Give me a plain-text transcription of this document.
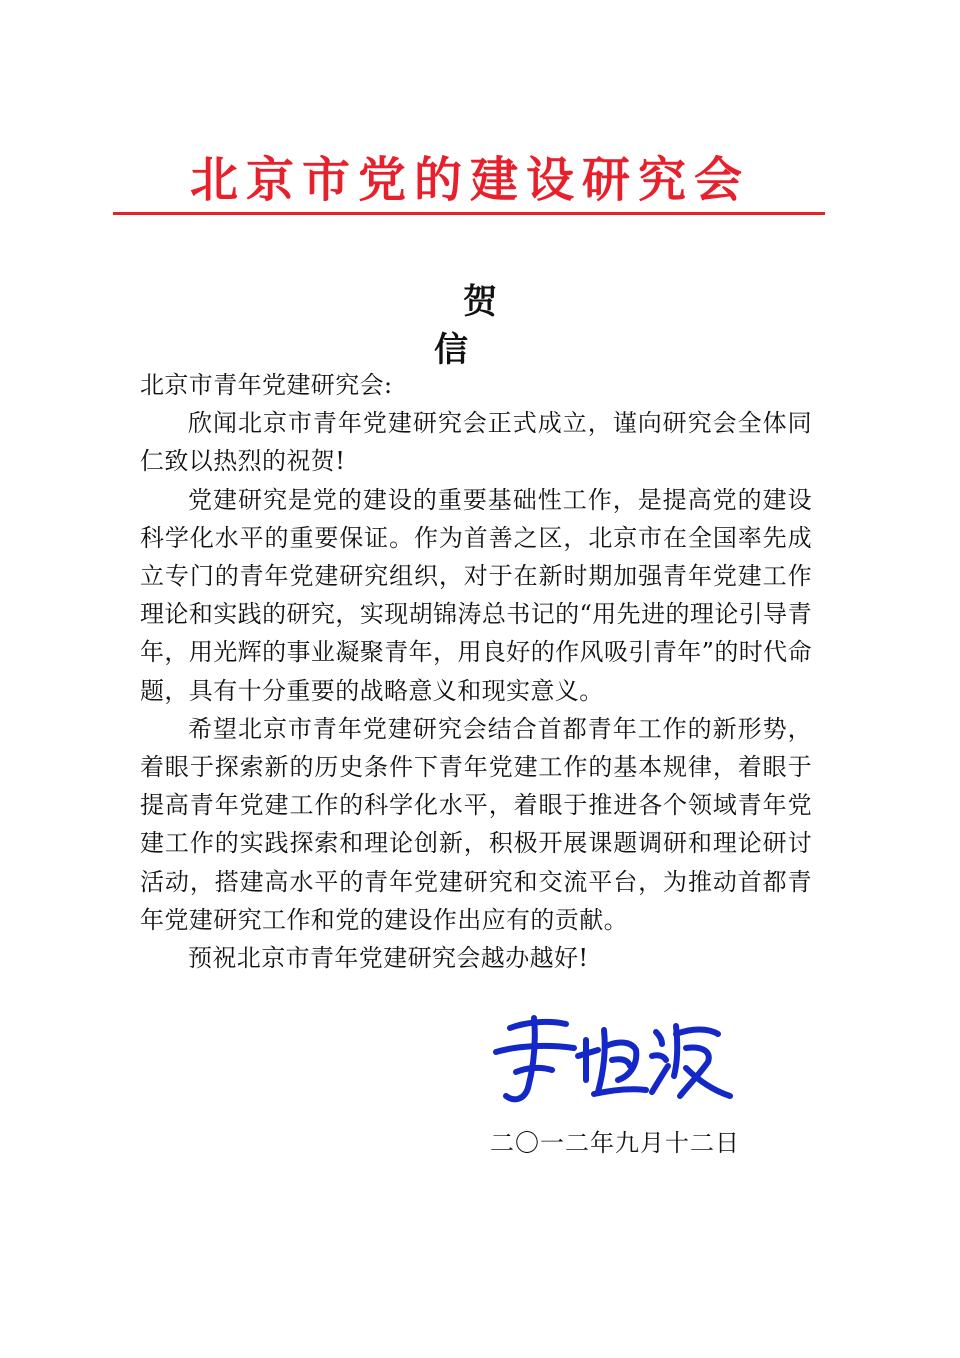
北京市党的建设研究会
贺　信

北京市青年党建研究会:

欣闻北京市青年党建研究会正式成立，谨向研究会全体同仁致以热烈的祝贺!

党建研究是党的建设的重要基础性工作，是提高党的建设科学化水平的重要保证。作为首善之区，北京市在全国率先成立专门的青年党建研究组织，对于在新时期加强青年党建工作理论和实践的研究，实现胡锦涛总书记的“用先进的理论引导青年，用光辉的事业凝聚青年，用良好的作风吸引青年”的时代命题，具有十分重要的战略意义和现实意义。

希望北京市青年党建研究会结合首都青年工作的新形势，着眼于探索新的历史条件下青年党建工作的基本规律，着眼于提高青年党建工作的科学化水平，着眼于推进各个领域青年党建工作的实践探索和理论创新，积极开展课题调研和理论研讨活动，搭建高水平的青年党建研究和交流平台，为推动首都青年党建研究工作和党的建设作出应有的贡献。

预祝北京市青年党建研究会越办越好!

二〇一二年九月十二日
